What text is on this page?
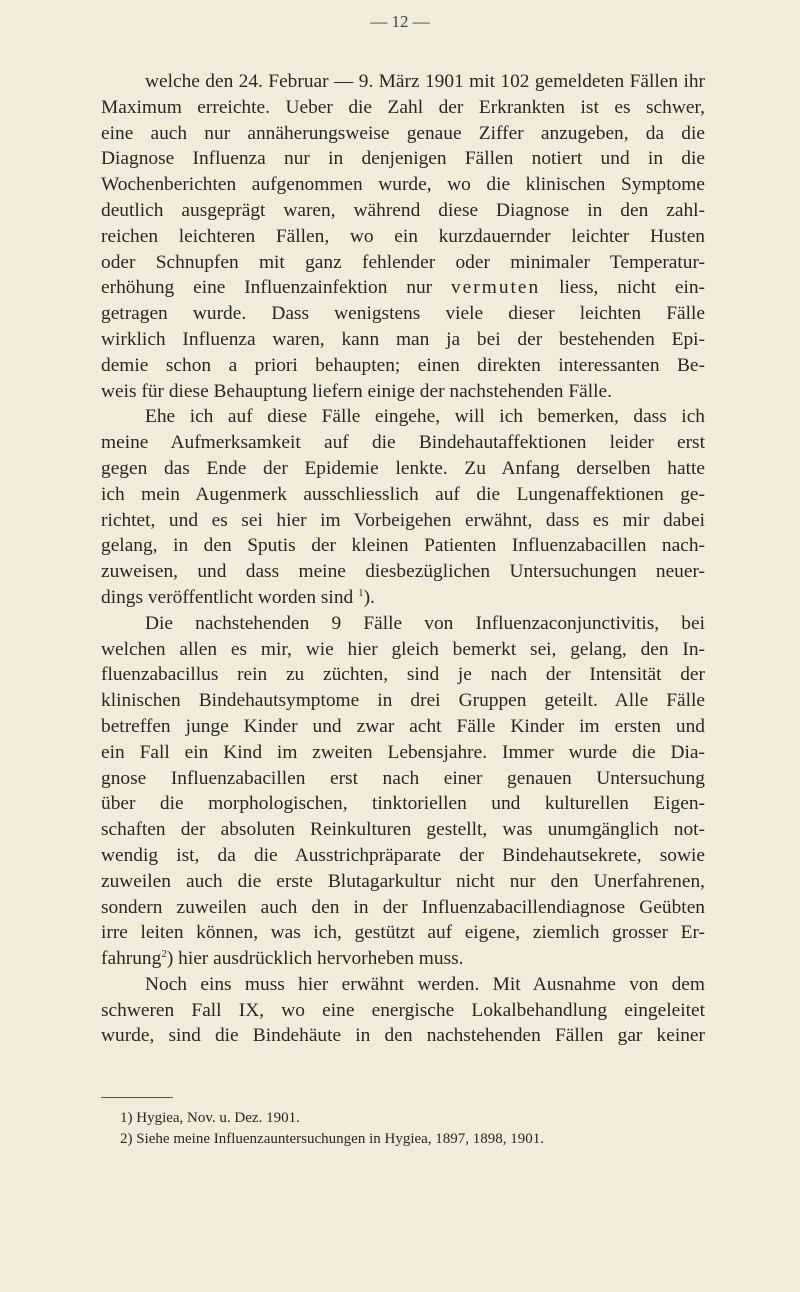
— 12 —
welche den 24. Februar — 9. März 1901 mit 102 gemeldeten Fällen ihr
Maximum erreichte. Ueber die Zahl der Erkrankten ist es schwer,
eine auch nur annäherungsweise genaue Ziffer anzugeben, da die
Diagnose Influenza nur in denjenigen Fällen notiert und in die
Wochenberichten aufgenommen wurde, wo die klinischen Symptome
deutlich ausgeprägt waren, während diese Diagnose in den zahl-
reichen leichteren Fällen, wo ein kurzdauernder leichter Husten
oder Schnupfen mit ganz fehlender oder minimaler Temperatur-
erhöhung eine Influenzainfektion nur vermuten liess, nicht ein-
getragen wurde. Dass wenigstens viele dieser leichten Fälle
wirklich Influenza waren, kann man ja bei der bestehenden Epi-
demie schon a priori behaupten; einen direkten interessanten Be-
weis für diese Behauptung liefern einige der nachstehenden Fälle.
Ehe ich auf diese Fälle eingehe, will ich bemerken, dass ich
meine Aufmerksamkeit auf die Bindehautaffektionen leider erst
gegen das Ende der Epidemie lenkte. Zu Anfang derselben hatte
ich mein Augenmerk ausschliesslich auf die Lungenaffektionen ge-
richtet, und es sei hier im Vorbeigehen erwähnt, dass es mir dabei
gelang, in den Sputis der kleinen Patienten Influenzabacillen nach-
zuweisen, und dass meine diesbezüglichen Untersuchungen neuer-
dings veröffentlicht worden sind $^1$).
Die nachstehenden 9 Fälle von Influenzaconjunctivitis, bei
welchen allen es mir, wie hier gleich bemerkt sei, gelang, den In-
fluenzabacillus rein zu züchten, sind je nach der Intensität der
klinischen Bindehautsymptome in drei Gruppen geteilt. Alle Fälle
betreffen junge Kinder und zwar acht Fälle Kinder im ersten und
ein Fall ein Kind im zweiten Lebensjahre. Immer wurde die Dia-
gnose Influenzabacillen erst nach einer genauen Untersuchung
über die morphologischen, tinktoriellen und kulturellen Eigen-
schaften der absoluten Reinkulturen gestellt, was unumgänglich not-
wendig ist, da die Ausstrichpräparate der Bindehautsekrete, sowie
zuweilen auch die erste Blutagarkultur nicht nur den Unerfahrenen,
sondern zuweilen auch den in der Influenzabacillendiagnose Geübten
irre leiten können, was ich, gestützt auf eigene, ziemlich grosser Er-
fahrung$^2$) hier ausdrücklich hervorheben muss.
Noch eins muss hier erwähnt werden. Mit Ausnahme von dem
schweren Fall IX, wo eine energische Lokalbehandlung eingeleitet
wurde, sind die Bindehäute in den nachstehenden Fällen gar keiner
1) Hygiea, Nov. u. Dez. 1901.
2) Siehe meine Influenzauntersuchungen in Hygiea, 1897, 1898, 1901.
